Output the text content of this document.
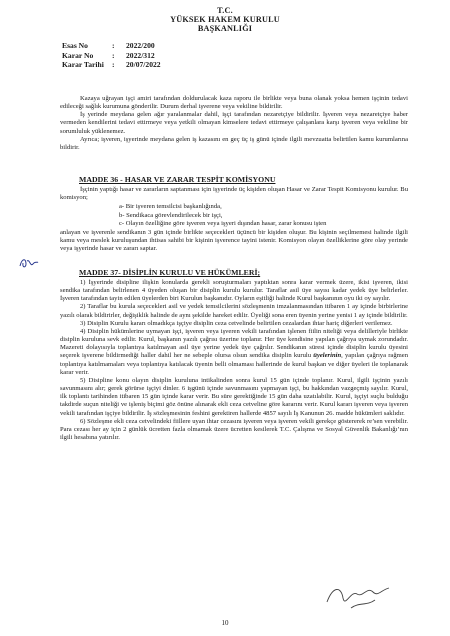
T.C.
YÜKSEK HAKEM KURULU
BAŞKANLIĞI
Esas No	: 2022/200
Karar No : 2022/312
Karar Tarihi : 20/07/2022

Kazaya uğrayan işçi amiri tarafından doldurulacak kaza raporu ile birlikte veya buna olanak yoksa hemen işçinin tedavi edileceği sağlık kurumuna gönderilir. Durum derhal işverene veya vekiline bildirilir.

İş yerinde meydana gelen ağır yaralanmalar dahil, işçi tarafından nezaretçiye bildirilir. İşveren veya nezaretçiye haber vermeden kendilerini tedavi ettirmeye veya yetkili olmayan kimselere tedavi ettirmeye çalışanlara karşı işveren veya vekiline bir sorumluluk yüklenemez.

Ayrıca; işveren, işyerinde meydana gelen iş kazasını en geç üç iş günü içinde ilgili mevzuatta belirtilen kamu kurumlarına bildirir.

MADDE 36 - HASAR VE ZARAR TESPİT KOMİSYONU

İşçinin yaptığı hasar ve zararların saptanması için işyerinde üç kişiden oluşan Hasar ve Zarar Tespit Komisyonu kurulur. Bu komisyon;

a- Bir işveren temsilcisi başkanlığında,
b- Sendikaca görevlendirilecek bir işçi,
c- Olayın özelliğine göre işveren veya işyeri dışından hasar, zarar konusu işten

anlayan ve işverenle sendikanın 3 gün içinde birlikte seçecekleri üçüncü bir kişiden oluşur. Bu kişinin seçilmemesi halinde ilgili kamu veya meslek kuruluşundan ihtisas sahibi bir kişinin işverence tayini istenir. Komisyon olayın özelliklerine göre olay yerinde veya işyerinde hasar ve zararı saptar.

MADDE 37- DİSİPLİN KURULU VE HÜKÜMLERİ;

1) İşyerinde disipline ilişkin konularda gerekli soruşturmaları yaptıktan sonra karar vermek üzere, ikisi işveren, ikisi sendika tarafından belirlenen 4 üyeden oluşan bir disiplin kurulu kurulur. Taraflar asil üye sayısı kadar yedek üye belirlerler. İşveren tarafından tayin edilen üyelerden biri Kurulun başkanıdır. Oyların eşitliği halinde Kurul başkanının oyu iki oy sayılır.

2) Taraflar bu kurula seçecekleri asil ve yedek temsilcilerini sözleşmenin imzalanmasından itibaren 1 ay içinde birbirlerine yazılı olarak bildirirler, değişiklik halinde de aynı şekilde hareket edilir. Üyeliği sona eren üyenin yerine yenisi 1 ay içinde bildirilir.

3) Disiplin Kurulu kararı olmadıkça işçiye disiplin ceza cetvelinde belirtilen cezalardan ihtar hariç diğerleri verilemez.

4) Disiplin hükümlerine uymayan işçi, işveren veya işveren vekili tarafından işlenen fiilin niteliği veya delilleriyle birlikte disiplin kuruluna sevk edilir. Kurul, başkanın yazılı çağrısı üzerine toplanır. Her üye kendisine yapılan çağrıya uymak zorundadır. Mazereti dolayısıyla toplantıya katılmayan asil üye yerine yedek üye çağrılır. Sendikanın süresi içinde disiplin kurulu üyesini seçerek işverene bildirmediği haller dahil her ne sebeple olursa olsun sendika disiplin kurulu üyelerinin, yapılan çağrıya rağmen toplantıya katılmamaları veya toplantıya katılacak üyenin belli olmaması hallerinde de kurul başkan ve diğer üyeleri ile toplanarak karar verir.

5) Disipline konu olayın disiplin kuruluna intikalinden sonra kurul 15 gün içinde toplanır. Kurul, ilgili işçinin yazılı savunmasını alır; gerek görürse işçiyi dinler. 6 işgünü içinde savunmasını yapmayan işçi, bu hakkından vazgeçmiş sayılır. Kurul, ilk toplantı tarihinden itibaren 15 gün içinde karar verir. Bu süre gerektiğinde 15 gün daha uzatılabilir. Kurul, işçiyi suçlu bulduğu takdirde suçun niteliği ve işleniş biçimi göz önüne alınarak ekli ceza cetveline göre kararını verir. Kurul kararı işveren veya işveren vekili tarafından işçiye bildirilir. İş sözleşmesinin feshini gerektiren hallerde 4857 sayılı İş Kanunun 26. madde hükümleri saklıdır.

6) Sözleşme ekli ceza cetvelindeki fiillere uyan ihtar cezasını işveren veya işveren vekili gerekçe göstererek re’sen verebilir. Para cezası her ay için 2 günlük ücretten fazla olmamak üzere ücretten kesilerek T.C. Çalışma ve Sosyal Güvenlik Bakanlığı’nın ilgili hesabına yatırılır.

10
